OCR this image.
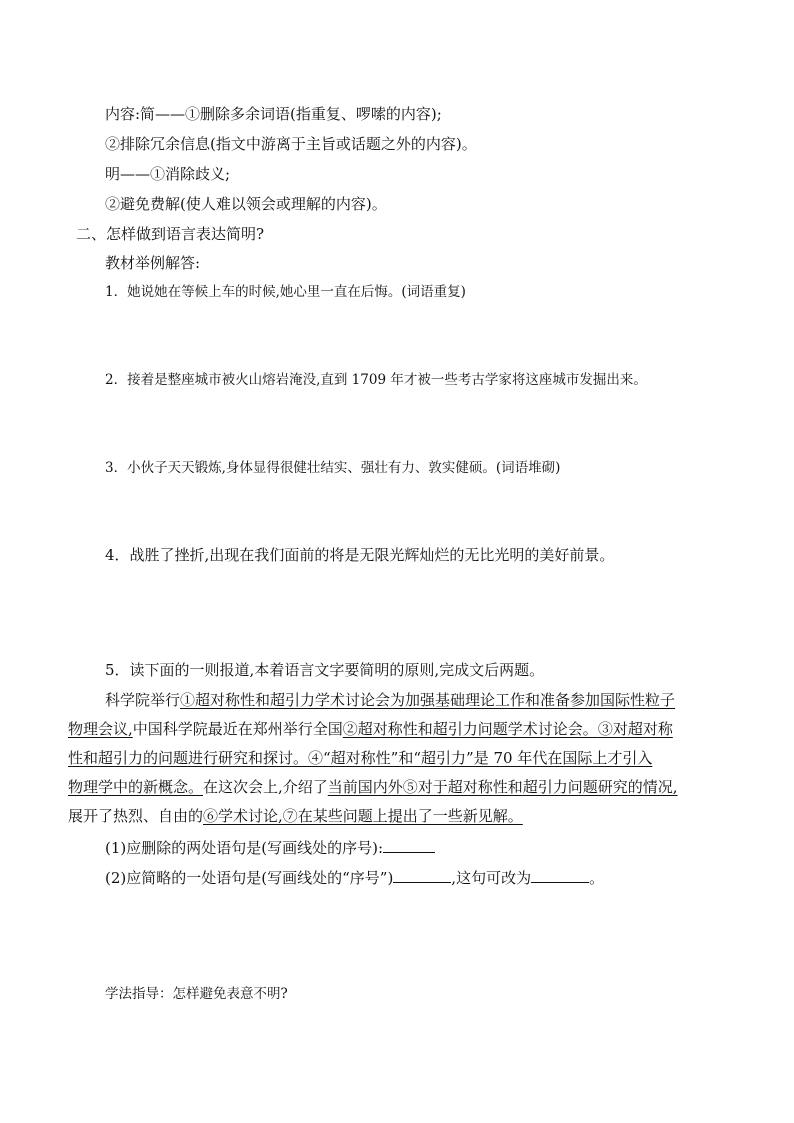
内容:简——①删除多余词语(指重复、啰嗦的内容);
②排除冗余信息(指文中游离于主旨或话题之外的内容)。
明——①消除歧义;
②避免费解(使人难以领会或理解的内容)。
二、怎样做到语言表达简明?
教材举例解答:
1．她说她在等候上车的时候,她心里一直在后悔。(词语重复)
2．接着是整座城市被火山熔岩淹没,直到 1709 年才被一些考古学家将这座城市发掘出来。
3．小伙子天天锻炼,身体显得很健壮结实、强壮有力、敦实健硕。(词语堆砌)
4．战胜了挫折,出现在我们面前的将是无限光辉灿烂的无比光明的美好前景。
5．读下面的一则报道,本着语言文字要简明的原则,完成文后两题。
科学院举行①超对称性和超引力学术讨论会为加强基础理论工作和准备参加国际性粒子
物理会议,中国科学院最近在郑州举行全国②超对称性和超引力问题学术讨论会。③对超对称
性和超引力的问题进行研究和探讨。④“超对称性”和“超引力”是 70 年代在国际上才引入
物理学中的新概念。在这次会上,介绍了当前国内外⑤对于超对称性和超引力问题研究的情况,
展开了热烈、自由的⑥学术讨论,⑦在某些问题上提出了一些新见解。
(1)应删除的两处语句是(写画线处的序号):
(2)应简略的一处语句是(写画线处的“序号”)	,这句可改为	。
学法指导：怎样避免表意不明?
